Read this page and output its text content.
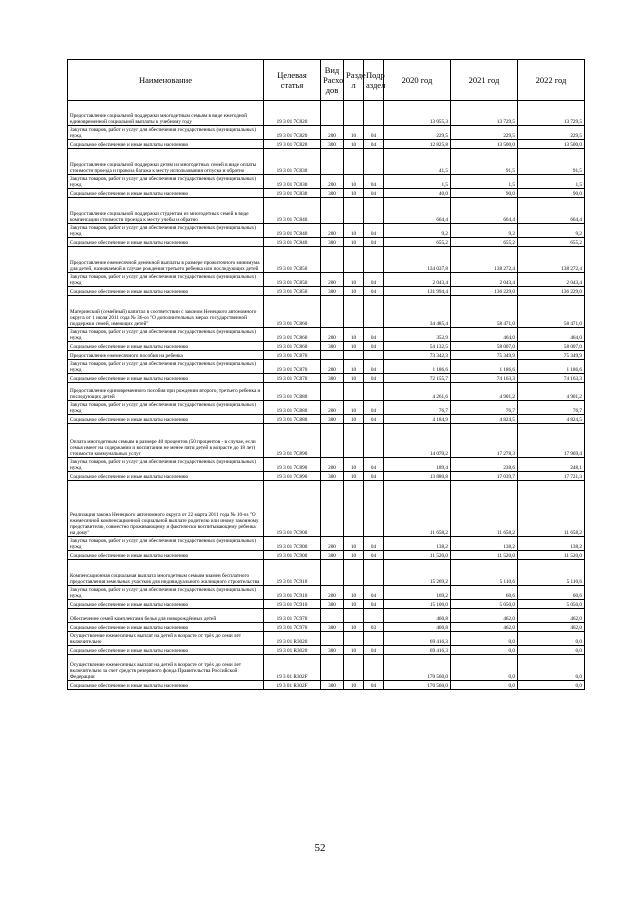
Наименование	Целевая статья	Вид Расхо дов	Разде л	Подр аздел	2020 год	2021 год	2022 год
Предоставление социальной поддержки многодетным семьям в виде ежегодной единовременной социальной выплаты к учебному году	19 3 01 7С820				13 055,3	13 729,5	13 729,5
Закупка товаров, работ и услуг для обеспечения государственных (муниципальных) нужд	19 3 01 7С820	200	10	04	229,5	229,5	229,5
Социальное обеспечение и иные выплаты населению	19 3 01 7С820	300	10	04	12 825,8	13 500,0	13 500,0
Предоставление социальной поддержки детям из многодетных семей в виде оплаты стоимости проезда и провоза багажа к месту использования отпуска и обратно	19 3 01 7С830				41,5	91,5	91,5
Закупка товаров, работ и услуг для обеспечения государственных (муниципальных) нужд	19 3 01 7С830	200	10	04	1,5	1,5	1,5
Социальное обеспечение и иные выплаты населению	19 3 01 7С830	300	10	04	40,0	90,0	90,0
Предоставление социальной поддержки студентам из многодетных семей в виде компенсации стоимости проезда к месту учебы и обратно	19 3 01 7С840				664,4	664,4	664,4
Закупка товаров, работ и услуг для обеспечения государственных (муниципальных) нужд	19 3 01 7С840	200	10	04	9,2	9,2	9,2
Социальное обеспечение и иные выплаты населению	19 3 01 7С840	300	10	04	655,2	655,2	655,2
Предоставление ежемесячной денежной выплаты в размере прожиточного минимума для детей, назначаемой в случае рождения третьего ребенка или последующих детей	19 3 01 7С850				134 037,8	138 272,4	138 272,4
Закупка товаров, работ и услуг для обеспечения государственных (муниципальных) нужд	19 3 01 7С850	200	10	04	2 043,4	2 043,4	2 043,4
Социальное обеспечение и иные выплаты населению	19 3 01 7С850	300	10	04	131 994,4	136 229,0	136 229,0
Материнский (семейный) капитал в соответствии с законом Ненецкого автономного округа от 1 июля 2011 года № 36-оз "О дополнительных мерах государственной поддержки семей, имеющих детей"	19 3 01 7С860				34 485,4	58 471,0	58 471,0
Закупка товаров, работ и услуг для обеспечения государственных (муниципальных) нужд	19 3 01 7С860	200	10	04	352,9	464,0	464,0
Социальное обеспечение и иные выплаты населению	19 3 01 7С860	300	10	04	54 132,5	58 007,0	58 007,0
Предоставление ежемесячного пособия на ребенка	19 3 01 7С870				73 342,3	75 349,9	75 349,9
Закупка товаров, работ и услуг для обеспечения государственных (муниципальных) нужд	19 3 01 7С870	200	10	04	1 186,6	1 186,6	1 186,6
Социальное обеспечение и иные выплаты населению	19 3 01 7С870	300	10	04	72 155,7	74 163,3	74 163,3
Предоставление единовременного пособия при рождении второго, третьего ребенка и последующих детей	19 3 01 7С880				4 261,6	4 901,2	4 901,2
Закупка товаров, работ и услуг для обеспечения государственных (муниципальных) нужд	19 3 01 7С880	200	10	04	76,7	76,7	76,7
Социальное обеспечение и иные выплаты населению	19 3 01 7С880	300	10	04	4 184,9	4 824,5	4 824,5
Оплата многодетным семьям в размере 40 процентов (50 процентов - в случае, если семья имеет на содержании и воспитании не менее пяти детей в возрасте до 18 лет) стоимости коммунальных услуг	19 3 01 7С890				14 070,2	17 278,3	17 969,4
Закупка товаров, работ и услуг для обеспечения государственных (муниципальных) нужд	19 3 01 7С890	200	10	04	189,4	238,6	248,1
Социальное обеспечение и иные выплаты населению	19 3 01 7С890	300	10	04	13 880,8	17 039,7	17 721,3
Реализация закона Ненецкого автономного округа от 22 марта 2011 года № 10-оз "О ежемесячной компенсационной социальной выплате родителю или иному законному представителю, совместно проживающему и фактически воспитывающему ребенка на дому"	19 3 01 7С900				11 658,2	11 658,2	11 658,2
Закупка товаров, работ и услуг для обеспечения государственных (муниципальных) нужд	19 3 01 7С900	200	10	04	138,2	138,2	138,2
Социальное обеспечение и иные выплаты населению	19 3 01 7С900	300	10	04	11 520,0	11 520,0	11 520,0
Компенсационная социальная выплата многодетным семьям взамен бесплатного предоставления земельных участков для индивидуального жилищного строительства	19 3 01 7С910				15 269,2	5 110,6	5 110,6
Закупка товаров, работ и услуг для обеспечения государственных (муниципальных) нужд	19 3 01 7С910	200	10	04	169,2	60,6	60,6
Социальное обеспечение и иные выплаты населению	19 3 01 7С910	300	10	04	15 100,0	5 050,0	5 050,0
Обеспечение семей комплектами белья для новорождённых детей	19 3 01 7С970				460,8	462,0	462,0
Социальное обеспечение и иные выплаты населению	19 3 01 7С970	300	10	03	460,8	462,0	462,0
Осуществление ежемесячных выплат на детей в возрасте от трёх до семи лет включительно	19 3 01 R3020				69 416,3	0,0	0,0
Социальное обеспечение и иные выплаты населению	19 3 01 R3020	300	10	04	69 416,3	0,0	0,0
Осуществление ежемесячных выплат на детей в возрасте от трёх до семи лет включительно за счет средств резервного фонда Правительства Российской Федерации	19 3 01 R302F				170 560,0	0,0	0,0
Социальное обеспечение и иные выплаты населению	19 3 01 R302F	300	10	04	170 560,0	0,0	0,0
52
